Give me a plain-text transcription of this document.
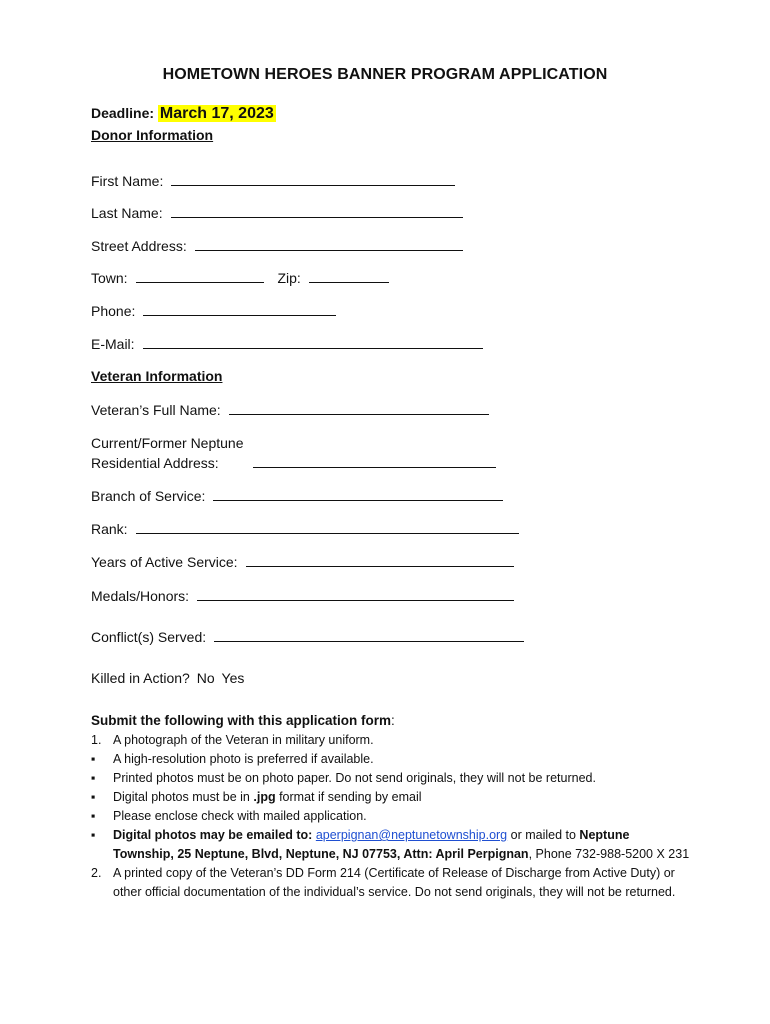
HOMETOWN HEROES BANNER PROGRAM APPLICATION
Deadline: March 17, 2023
Donor Information
First Name:
Last Name:
Street Address:
Town:	Zip:
Phone:
E-Mail:
Veteran Information
Veteran’s Full Name:
Current/Former Neptune
Residential Address:
Branch of Service:
Rank:
Years of Active Service:
Medals/Honors:
Conflict(s) Served:
Killed in Action? No Yes
Submit the following with this application form:
1. A photograph of the Veteran in military uniform.
▪ A high-resolution photo is preferred if available.
▪ Printed photos must be on photo paper. Do not send originals, they will not be returned.
▪ Digital photos must be in .jpg format if sending by email
▪ Please enclose check with mailed application.
▪ Digital photos may be emailed to: aperpignan@neptunetownship.org or mailed to Neptune Township, 25 Neptune, Blvd, Neptune, NJ 07753, Attn: April Perpignan, Phone 732-988-5200 X 231
2. A printed copy of the Veteran’s DD Form 214 (Certificate of Release of Discharge from Active Duty) or other official documentation of the individual’s service. Do not send originals, they will not be returned.
